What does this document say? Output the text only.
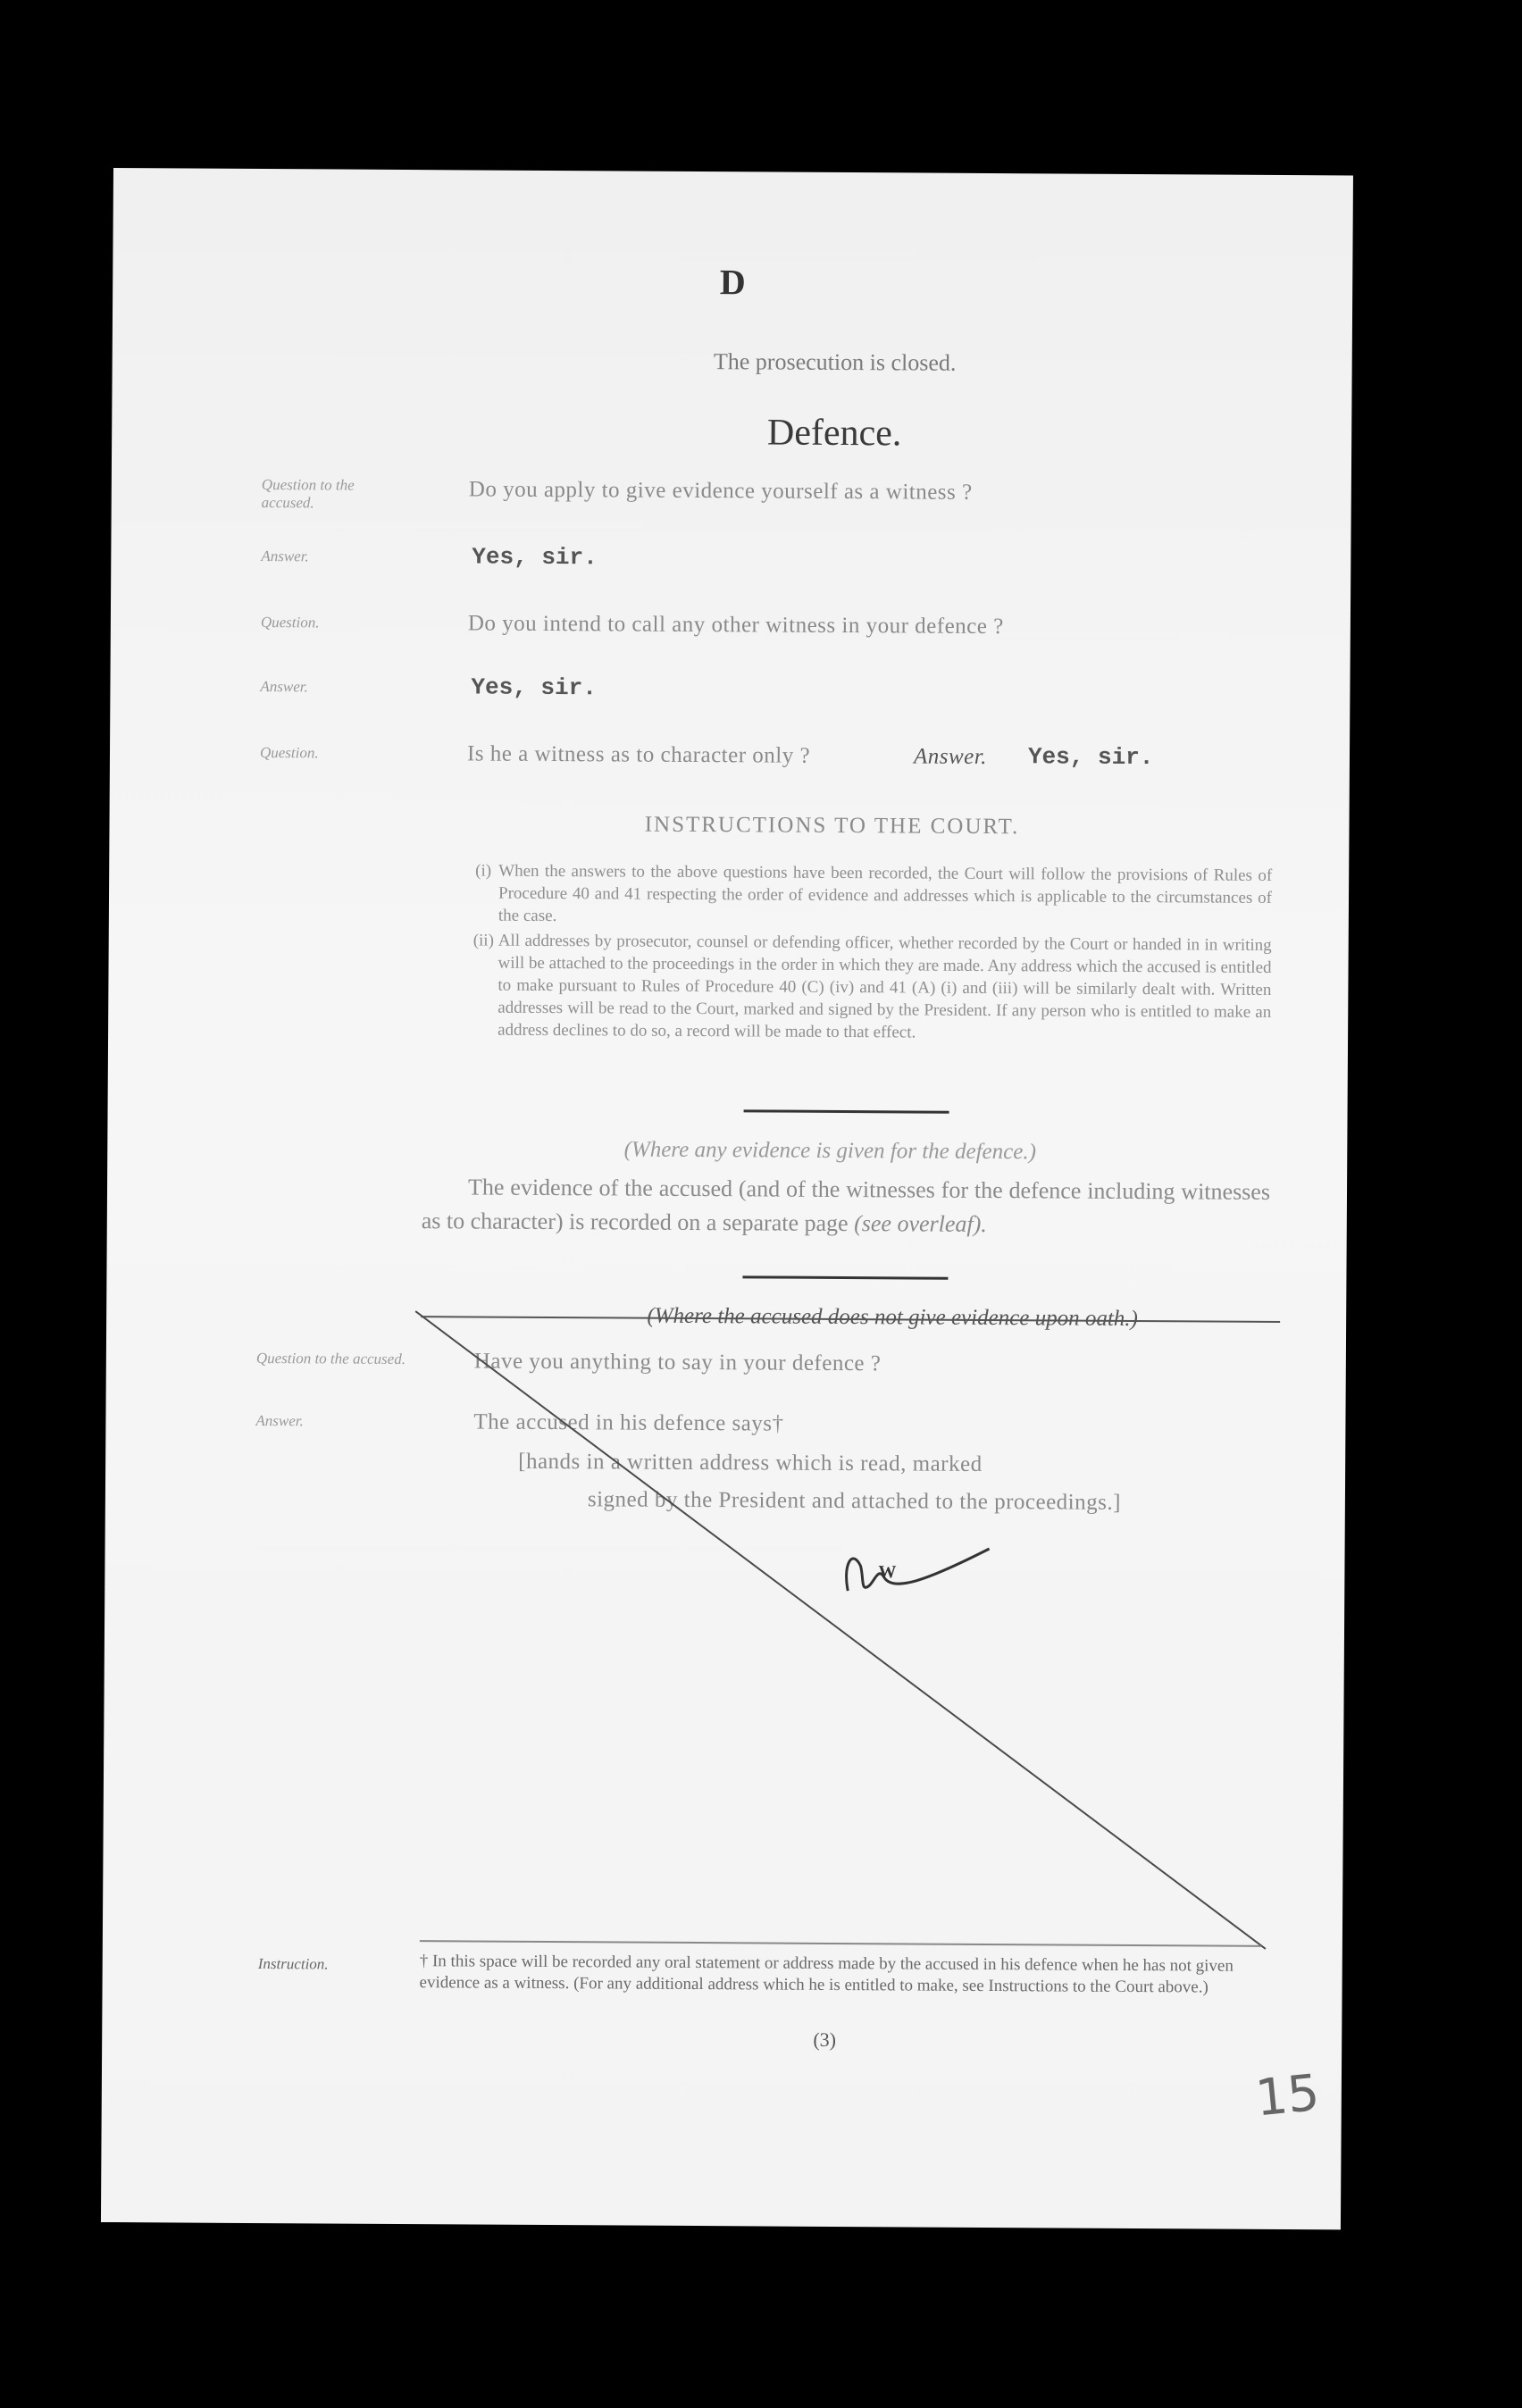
D
The prosecution is closed.
Defence.
Question to the accused.	Do you apply to give evidence yourself as a witness ?
Answer.	Yes, sir.
Question.	Do you intend to call any other witness in your defence ?
Answer.	Yes, sir.
Question.	Is he a witness as to character only ?	Answer. Yes, sir.
INSTRUCTIONS TO THE COURT.
(i) When the answers to the above questions have been recorded, the Court will follow the provisions of Rules of Procedure 40 and 41 respecting the order of evidence and addresses which is applicable to the circumstances of the case.
(ii) All addresses by prosecutor, counsel or defending officer, whether recorded by the Court or handed in in writing will be attached to the proceedings in the order in which they are made. Any address which the accused is entitled to make pursuant to Rules of Procedure 40 (C) (iv) and 41 (A) (i) and (iii) will be similarly dealt with. Written addresses will be read to the Court, marked and signed by the President. If any person who is entitled to make an address declines to do so, a record will be made to that effect.
(Where any evidence is given for the defence.)
The evidence of the accused (and of the witnesses for the defence including witnesses as to character) is recorded on a separate page (see overleaf).
(Where the accused does not give evidence upon oath.)
Question to the accused.	Have you anything to say in your defence ?
Answer.	The accused in his defence says†
[hands in a written address which is read, marked
signed by the President and attached to the proceedings.]
W
Instruction.	† In this space will be recorded any oral statement or address made by the accused in his defence when he has not given evidence as a witness. (For any additional address which he is entitled to make, see Instructions to the Court above.)
(3)
15
